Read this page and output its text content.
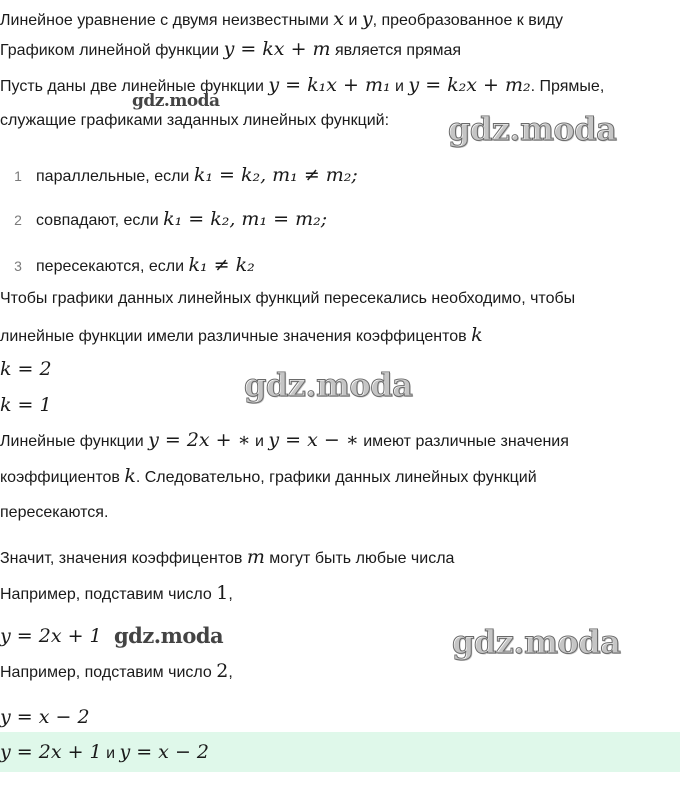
Линейное уравнение с двумя неизвестными x и y, преобразованное к виду
Графиком линейной функции y = kx + m является прямая
Пусть даны две линейные функции y = k₁x + m₁ и y = k₂x + m₂. Прямые,
служащие графиками заданных линейных функций:
1 параллельные, если k₁ = k₂, m₁ ≠ m₂;
2 совпадают, если k₁ = k₂, m₁ = m₂;
3 пересекаются, если k₁ ≠ k₂
Чтобы графики данных линейных функций пересекались необходимо, чтобы
линейные функции имели различные значения коэффицентов k
k = 2
k = 1
Линейные функции y = 2x + ∗ и y = x − ∗ имеют различные значения
коэффициентов k. Следовательно, графики данных линейных функций
пересекаются.
Значит, значения коэффицентов m могут быть любые числа
Например, подставим число 1,
y = 2x + 1
Например, подставим число 2,
y = x − 2
y = 2x + 1 и y = x − 2
gdz.moda
gdz.moda
gdz.moda
gdz.moda	gdz.moda
